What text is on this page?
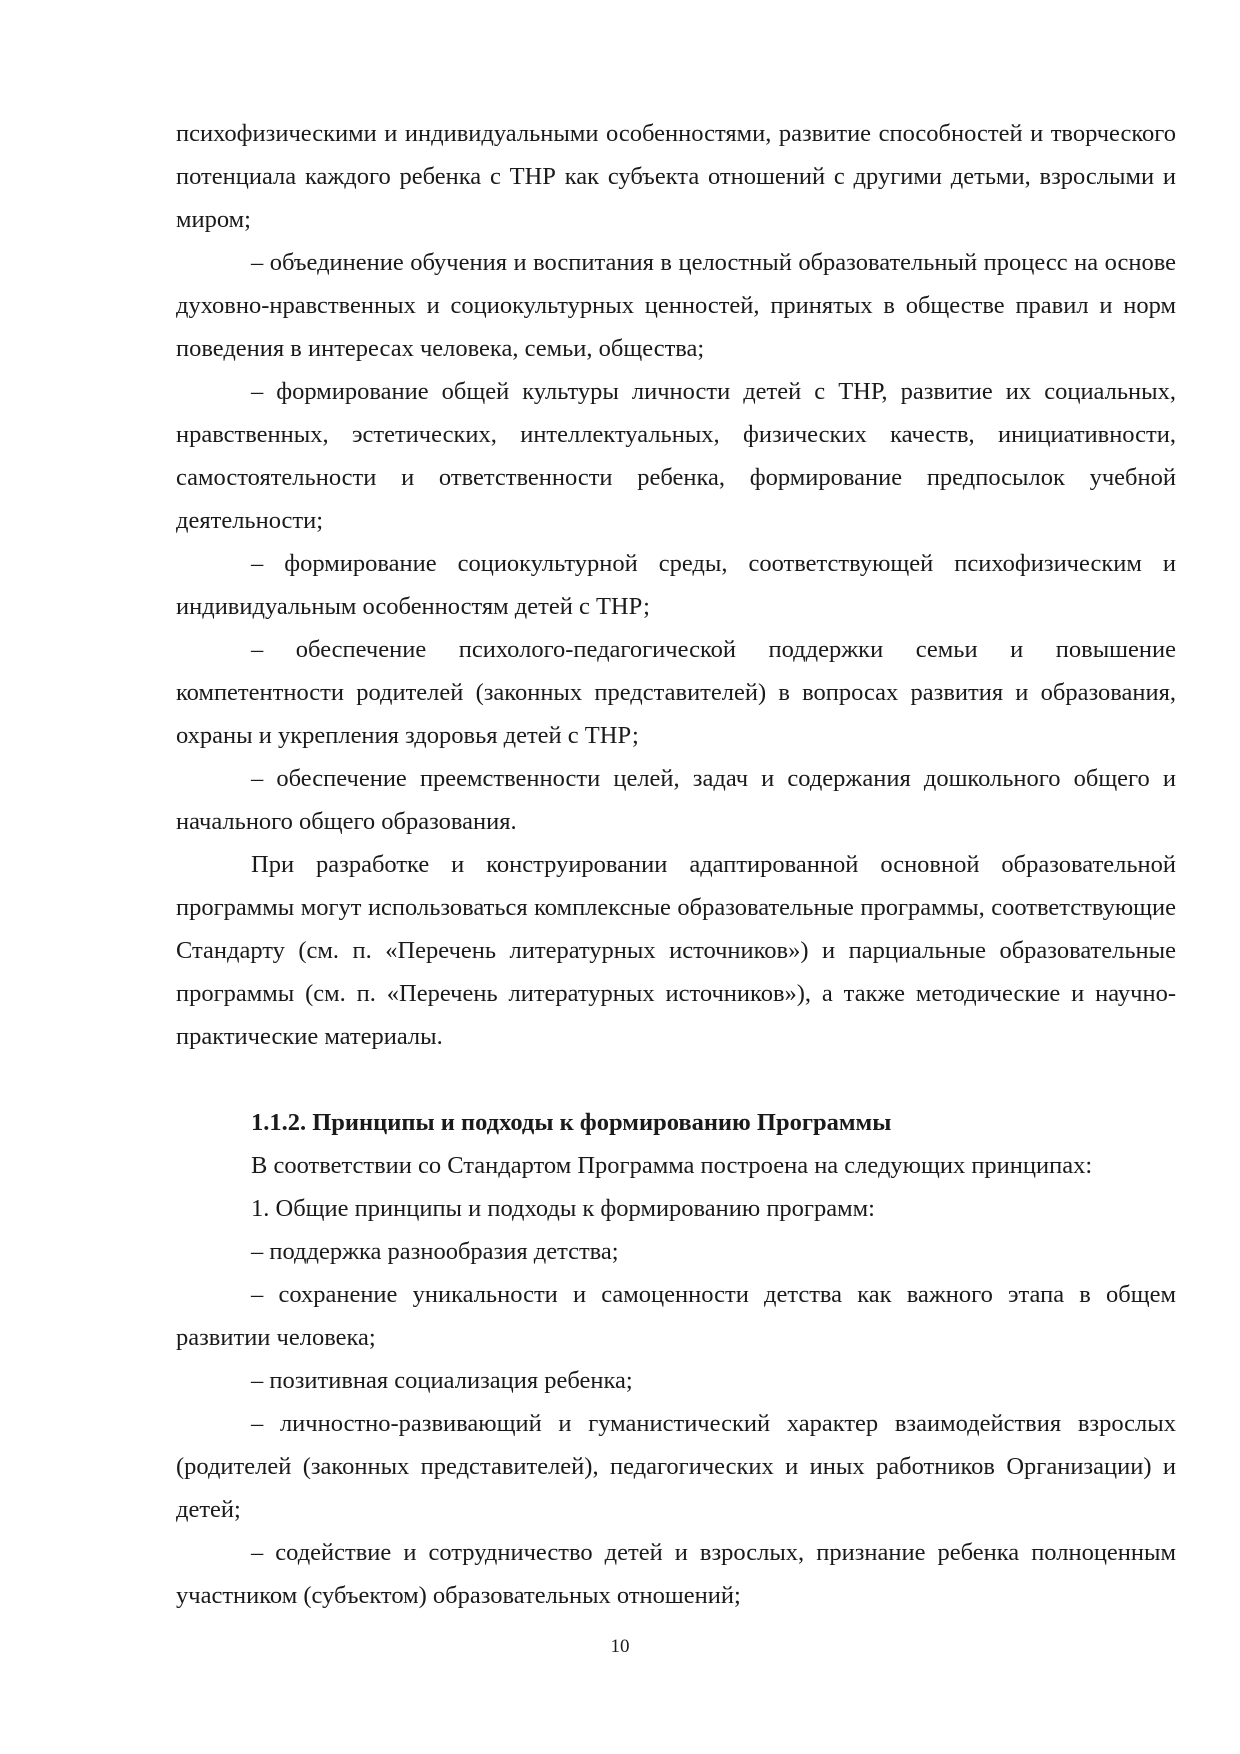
психофизическими и индивидуальными особенностями, развитие способностей и творческого потенциала каждого ребенка с ТНР как субъекта отношений с другими детьми, взрослыми и миром;

– объединение обучения и воспитания в целостный образовательный процесс на основе духовно-нравственных и социокультурных ценностей, принятых в обществе правил и норм поведения в интересах человека, семьи, общества;

– формирование общей культуры личности детей с ТНР, развитие их социальных, нравственных, эстетических, интеллектуальных, физических качеств, инициативности, самостоятельности и ответственности ребенка, формирование предпосылок учебной деятельности;

– формирование социокультурной среды, соответствующей психофизическим и индивидуальным особенностям детей с ТНР;

– обеспечение психолого-педагогической поддержки семьи и повышение компетентности родителей (законных представителей) в вопросах развития и образования, охраны и укрепления здоровья детей с ТНР;

– обеспечение преемственности целей, задач и содержания дошкольного общего и начального общего образования.

При разработке и конструировании адаптированной основной образовательной программы могут использоваться комплексные образовательные программы, соответствующие Стандарту (см. п. «Перечень литературных источников») и парциальные образовательные программы (см. п. «Перечень литературных источников»), а также методические и научно-практические материалы.

1.1.2. Принципы и подходы к формированию Программы

В соответствии со Стандартом Программа построена на следующих принципах:

1. Общие принципы и подходы к формированию программ:

– поддержка разнообразия детства;

– сохранение уникальности и самоценности детства как важного этапа в общем развитии человека;

– позитивная социализация ребенка;

– личностно-развивающий и гуманистический характер взаимодействия взрослых (родителей (законных представителей), педагогических и иных работников Организации) и детей;

– содействие и сотрудничество детей и взрослых, признание ребенка полноценным участником (субъектом) образовательных отношений;

10
